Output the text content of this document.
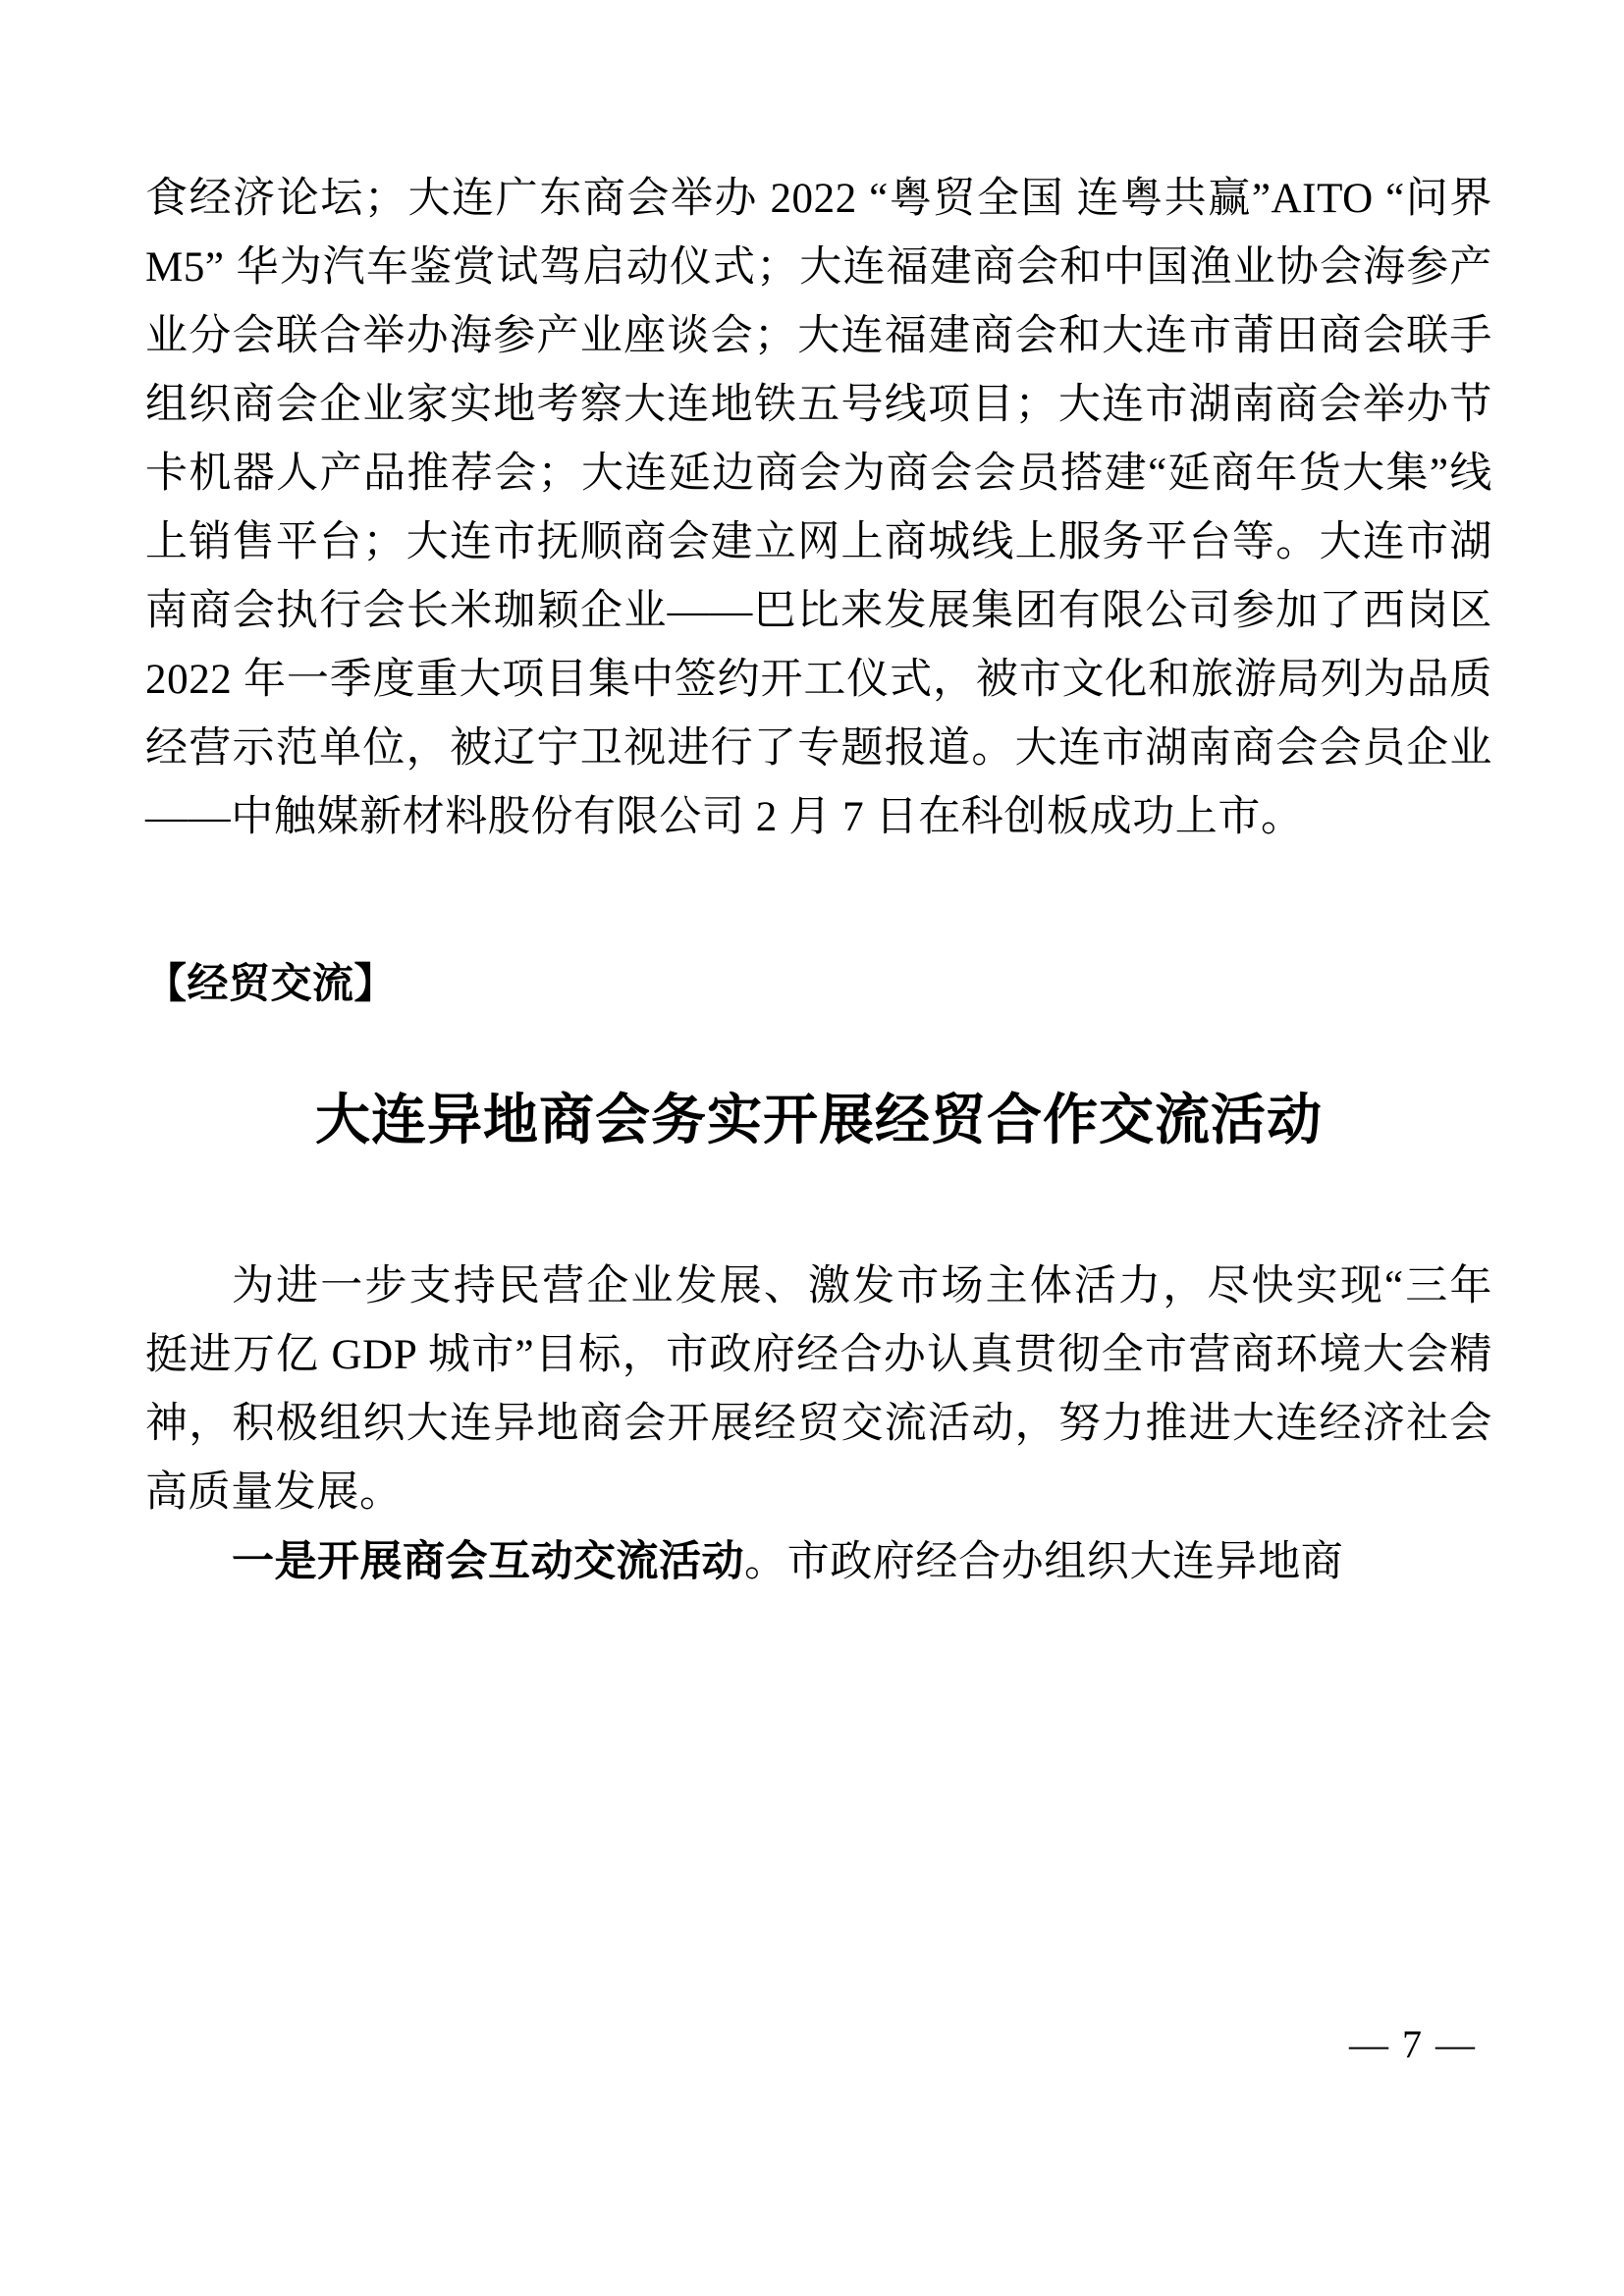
食经济论坛；大连广东商会举办 2022 “粤贸全国 连粤共赢”AITO “问界 M5” 华为汽车鉴赏试驾启动仪式；大连福建商会和中国渔业协会海参产业分会联合举办海参产业座谈会；大连福建商会和大连市莆田商会联手组织商会企业家实地考察大连地铁五号线项目；大连市湖南商会举办节卡机器人产品推荐会；大连延边商会为商会会员搭建“延商年货大集”线上销售平台；大连市抚顺商会建立网上商城线上服务平台等。大连市湖南商会执行会长米珈颖企业——巴比来发展集团有限公司参加了西岗区 2022 年一季度重大项目集中签约开工仪式，被市文化和旅游局列为品质经营示范单位，被辽宁卫视进行了专题报道。大连市湖南商会会员企业——中触媒新材料股份有限公司 2 月 7 日在科创板成功上市。

【经贸交流】

大连异地商会务实开展经贸合作交流活动

为进一步支持民营企业发展、激发市场主体活力，尽快实现“三年挺进万亿 GDP 城市”目标，市政府经合办认真贯彻全市营商环境大会精神，积极组织大连异地商会开展经贸交流活动，努力推进大连经济社会高质量发展。

一是开展商会互动交流活动。市政府经合办组织大连异地商

— 7 —
